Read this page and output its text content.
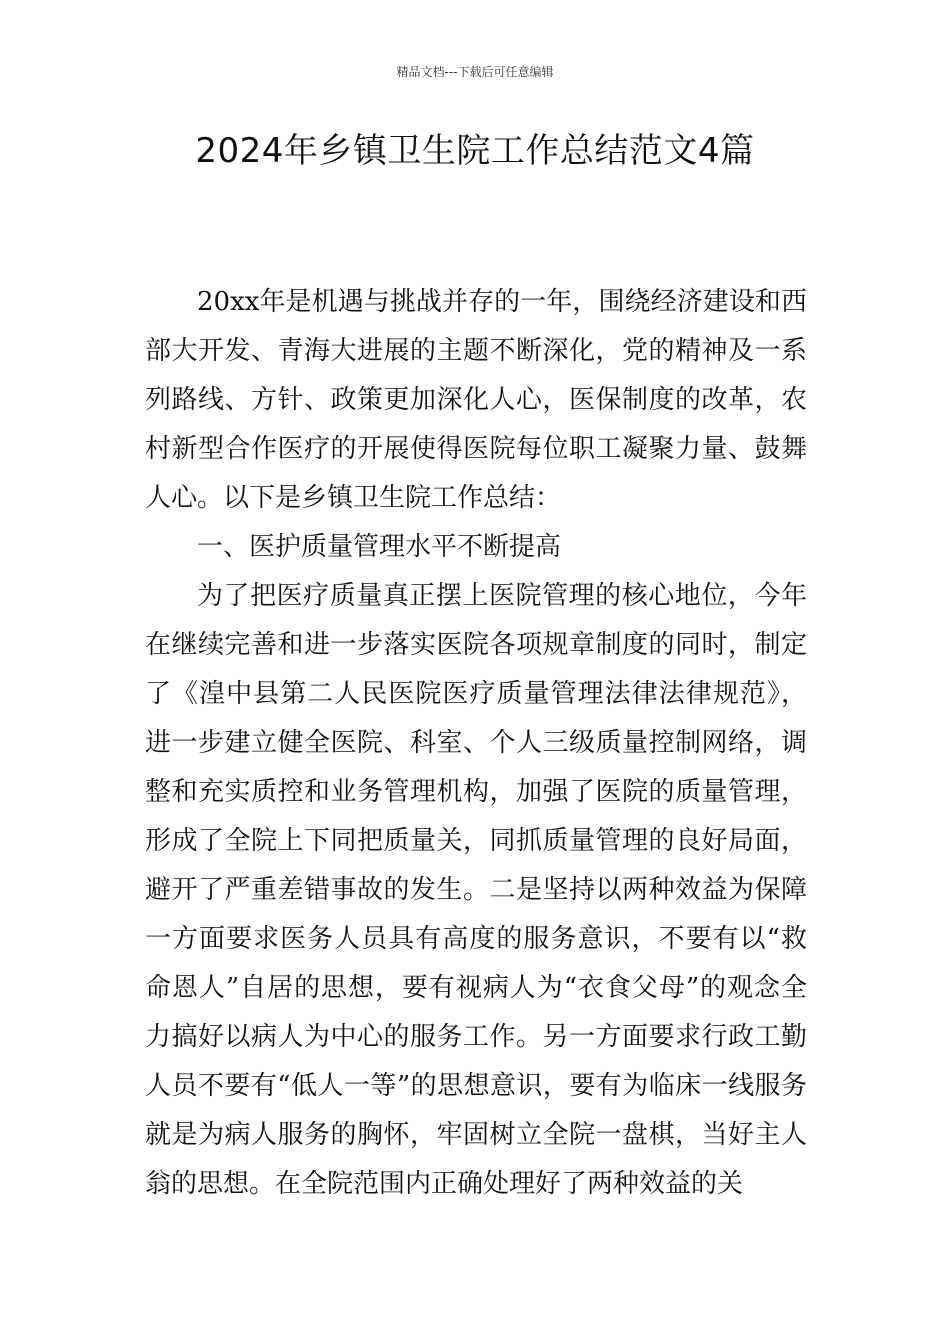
精品文档---下载后可任意编辑
2024年乡镇卫生院工作总结范文4篇

20xx年是机遇与挑战并存的一年，围绕经济建设和西部大开发、青海大进展的主题不断深化，党的精神及一系列路线、方针、政策更加深化人心，医保制度的改革，农村新型合作医疗的开展使得医院每位职工凝聚力量、鼓舞人心。以下是乡镇卫生院工作总结：

一、医护质量管理水平不断提高

为了把医疗质量真正摆上医院管理的核心地位，今年在继续完善和进一步落实医院各项规章制度的同时，制定了《湟中县第二人民医院医疗质量管理法律法律规范》，进一步建立健全医院、科室、个人三级质量控制网络，调整和充实质控和业务管理机构，加强了医院的质量管理，形成了全院上下同把质量关，同抓质量管理的良好局面，避开了严重差错事故的发生。二是坚持以两种效益为保障一方面要求医务人员具有高度的服务意识，不要有以“救命恩人”自居的思想，要有视病人为“衣食父母”的观念全力搞好以病人为中心的服务工作。另一方面要求行政工勤人员不要有“低人一等”的思想意识，要有为临床一线服务就是为病人服务的胸怀，牢固树立全院一盘棋，当好主人翁的思想。在全院范围内正确处理好了两种效益的关
